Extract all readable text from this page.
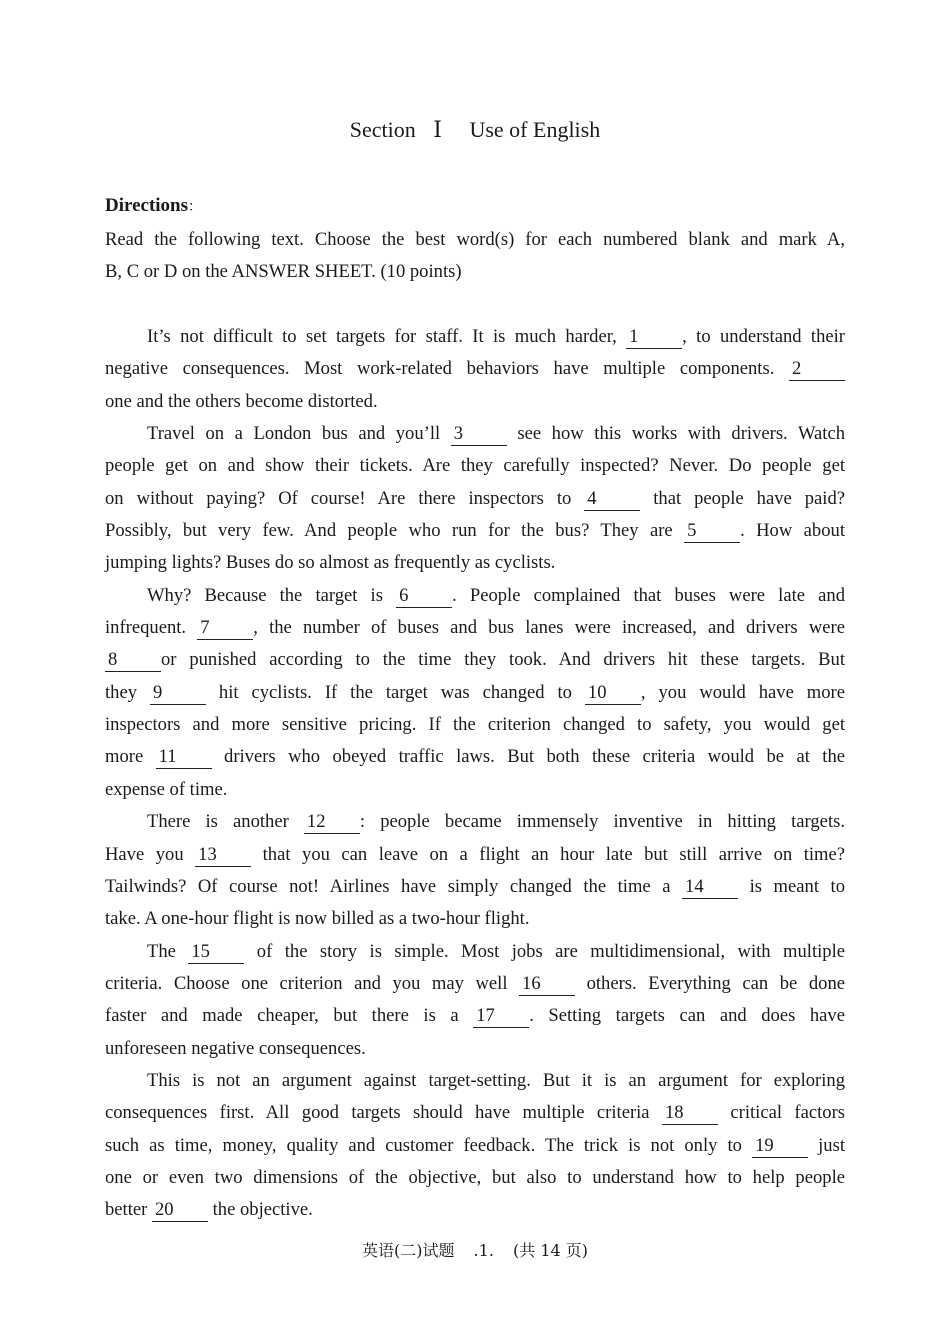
Section Ⅰ Use of English
Directions：
Read the following text. Choose the best word(s) for each numbered blank and mark A,
B, C or D on the ANSWER SHEET. (10 points)
It’s not difficult to set targets for staff. It is much harder, 1 , to understand their
negative consequences. Most work-related behaviors have multiple components. 2
one and the others become distorted.
Travel on a London bus and you’ll 3 see how this works with drivers. Watch
people get on and show their tickets. Are they carefully inspected? Never. Do people get
on without paying? Of course! Are there inspectors to 4 that people have paid?
Possibly, but very few. And people who run for the bus? They are 5 . How about
jumping lights? Buses do so almost as frequently as cyclists.
Why? Because the target is 6 . People complained that buses were late and
infrequent. 7 , the number of buses and bus lanes were increased, and drivers were
8 or punished according to the time they took. And drivers hit these targets. But
they 9 hit cyclists. If the target was changed to 10 , you would have more
inspectors and more sensitive pricing. If the criterion changed to safety, you would get
more 11 drivers who obeyed traffic laws. But both these criteria would be at the
expense of time.
There is another 12 : people became immensely inventive in hitting targets.
Have you 13 that you can leave on a flight an hour late but still arrive on time?
Tailwinds? Of course not! Airlines have simply changed the time a 14 is meant to
take. A one-hour flight is now billed as a two-hour flight.
The 15 of the story is simple. Most jobs are multidimensional, with multiple
criteria. Choose one criterion and you may well 16 others. Everything can be done
faster and made cheaper, but there is a 17 . Setting targets can and does have
unforeseen negative consequences.
This is not an argument against target-setting. But it is an argument for exploring
consequences first. All good targets should have multiple criteria 18 critical factors
such as time, money, quality and customer feedback. The trick is not only to 19 just
one or even two dimensions of the objective, but also to understand how to help people
better 20 the objective.
英语(二)试题 .1. (共 14 页)
